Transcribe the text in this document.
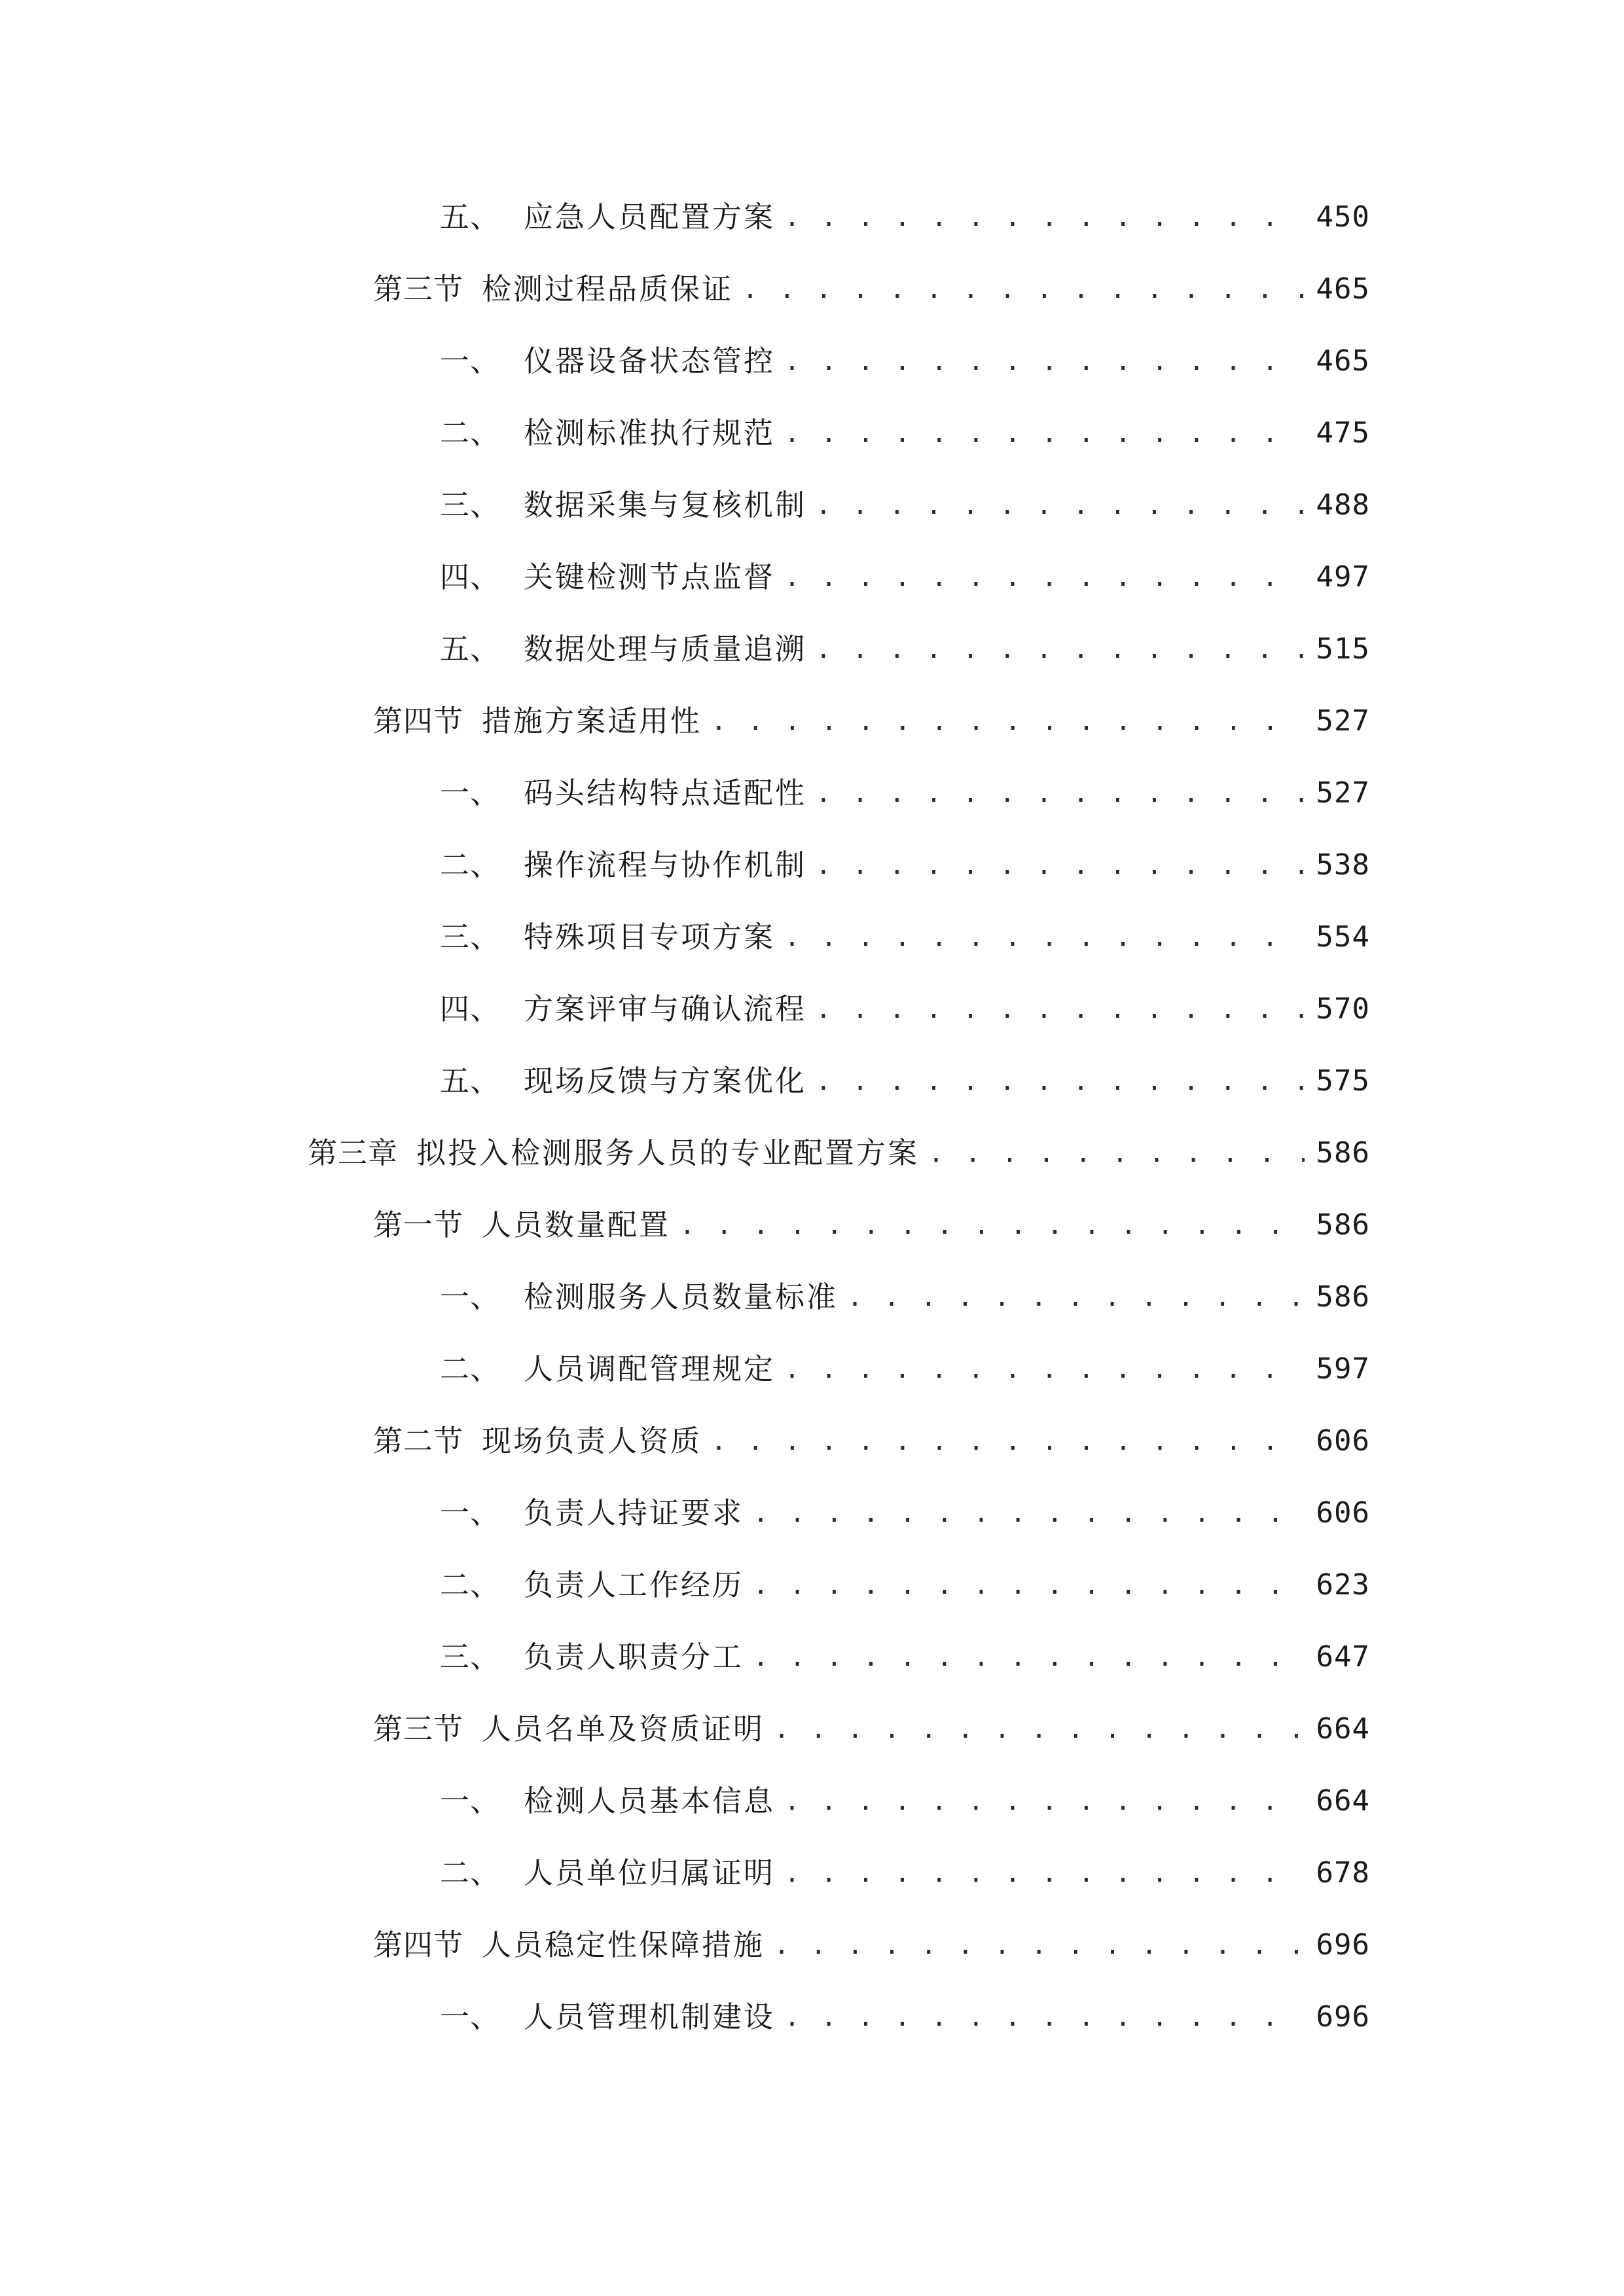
五、 应急人员配置方案 . . .	450
第三节 检测过程品质保证 . . .	465
一、 仪器设备状态管控 . . .	465
二、 检测标准执行规范 . . .	475
三、 数据采集与复核机制 . . .	488
四、 关键检测节点监督 . . .	497
五、 数据处理与质量追溯 . . .	515
第四节 措施方案适用性 . . .	527
一、 码头结构特点适配性 . . .	527
二、 操作流程与协作机制 . . .	538
三、 特殊项目专项方案 . . .	554
四、 方案评审与确认流程 . . .	570
五、 现场反馈与方案优化 . . .	575
第三章 拟投入检测服务人员的专业配置方案 . . .	586
第一节 人员数量配置 . . .	586
一、 检测服务人员数量标准 . . .	586
二、 人员调配管理规定 . . .	597
第二节 现场负责人资质 . . .	606
一、 负责人持证要求 . . .	606
二、 负责人工作经历 . . .	623
三、 负责人职责分工 . . .	647
第三节 人员名单及资质证明 . . .	664
一、 检测人员基本信息 . . .	664
二、 人员单位归属证明 . . .	678
第四节 人员稳定性保障措施 . . .	696
一、 人员管理机制建设 . . .	696
